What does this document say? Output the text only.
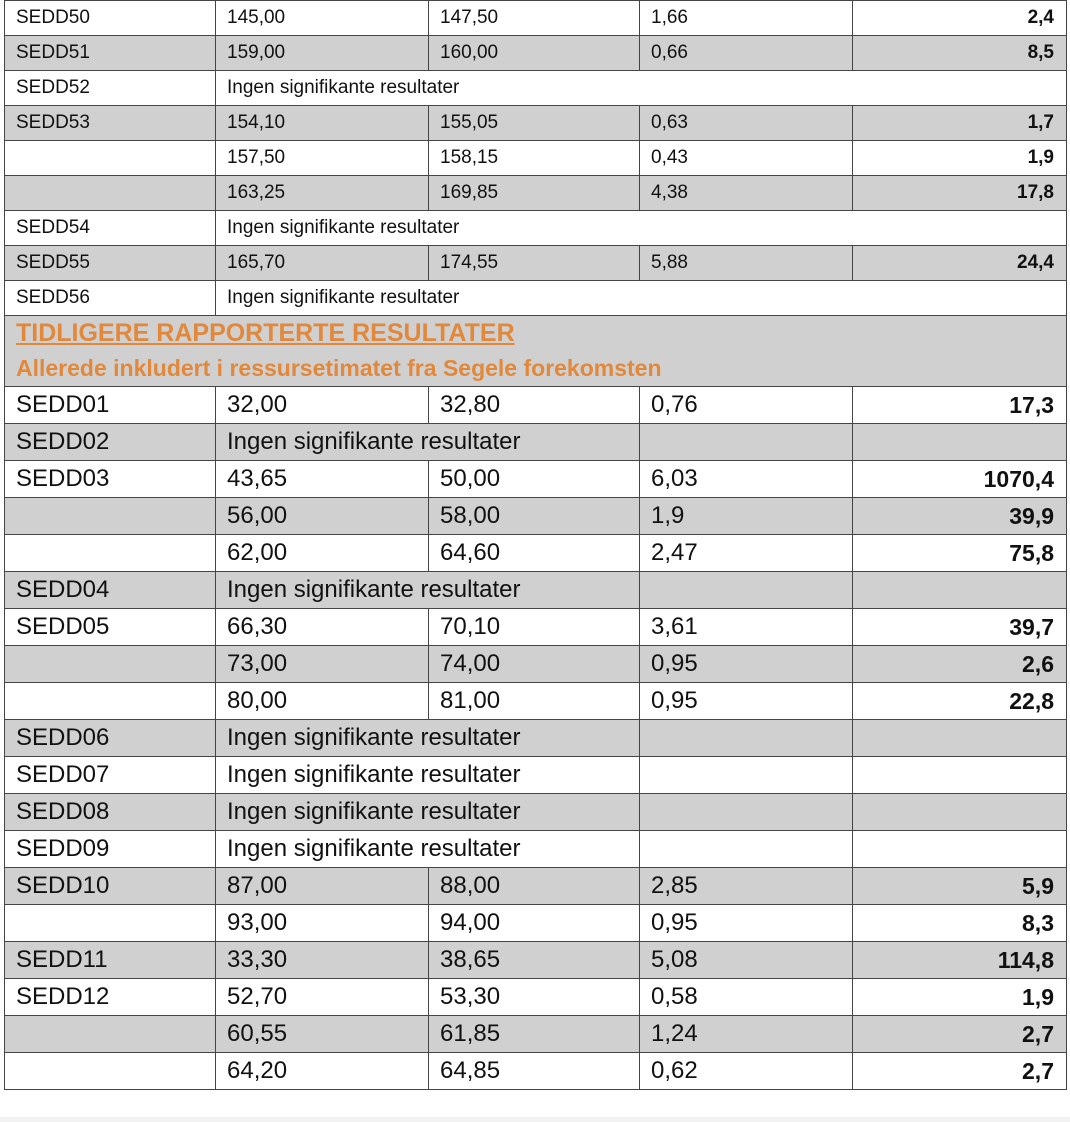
SEDD50	145,00	147,50	1,66	2,4
SEDD51	159,00	160,00	0,66	8,5
SEDD52	Ingen signifikante resultater			
SEDD53	154,10	155,05	0,63	1,7
	157,50	158,15	0,43	1,9
	163,25	169,85	4,38	17,8
SEDD54	Ingen signifikante resultater			
SEDD55	165,70	174,55	5,88	24,4
SEDD56	Ingen signifikante resultater			

TIDLIGERE RAPPORTERTE RESULTATER
Allerede inkludert i ressursetimatet fra Segele forekomsten				

SEDD01	32,00	32,80	0,76	17,3
SEDD02	Ingen signifikante resultater			
SEDD03	43,65	50,00	6,03	1070,4
	56,00	58,00	1,9	39,9
	62,00	64,60	2,47	75,8
SEDD04	Ingen signifikante resultater			
SEDD05	66,30	70,10	3,61	39,7
	73,00	74,00	0,95	2,6
	80,00	81,00	0,95	22,8
SEDD06	Ingen signifikante resultater			
SEDD07	Ingen signifikante resultater			
SEDD08	Ingen signifikante resultater			
SEDD09	Ingen signifikante resultater			
SEDD10	87,00	88,00	2,85	5,9
	93,00	94,00	0,95	8,3
SEDD11	33,30	38,65	5,08	114,8
SEDD12	52,70	53,30	0,58	1,9
	60,55	61,85	1,24	2,7
	64,20	64,85	0,62	2,7
